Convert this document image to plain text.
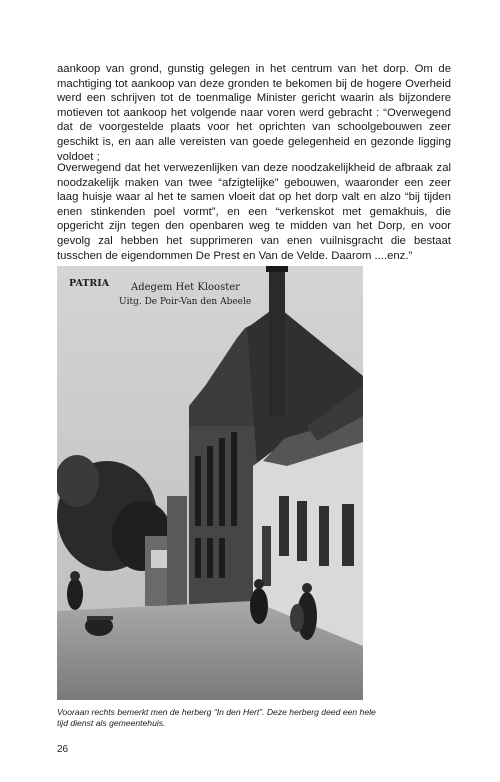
aankoop van grond, gunstig gelegen in het centrum van het dorp. Om de machtiging tot aankoop van deze gronden te bekomen bij de hogere Overheid werd een schrijven tot de toenmalige Minister gericht waarin als bijzondere motieven tot aankoop het volgende naar voren werd gebracht : “Overwegend dat de voorgestelde plaats voor het oprichten van schoolgebouwen zeer geschikt is, en aan alle vereisten van goede gelegenheid en gezonde ligging voldoet ;

Overwegend dat het verwezenlijken van deze noodzakelijkheid de afbraak zal noodzakelijk maken van twee “afzigtelijke” gebouwen, waaronder een zeer laag huisje waar al het te samen vloeit dat op het dorp valt en alzo “bij tijden enen stinkenden poel vormt”, en een “verkenskot met gemakhuis, die opgericht zijn tegen den openbaren weg te midden van het Dorp, en voor gevolg zal hebben het supprimeren van enen vuilnisgracht die bestaat tusschen de eigendommen De Prest en Van de Velde. Daarom ....enz.”

PATRIA Adegem Het Klooster
Uitg. De Poir-Van den Abeele

Vooraan rechts bemerkt men de herberg “In den Hert”. Deze herberg deed een hele tijd dienst als gemeentehuis.

26
